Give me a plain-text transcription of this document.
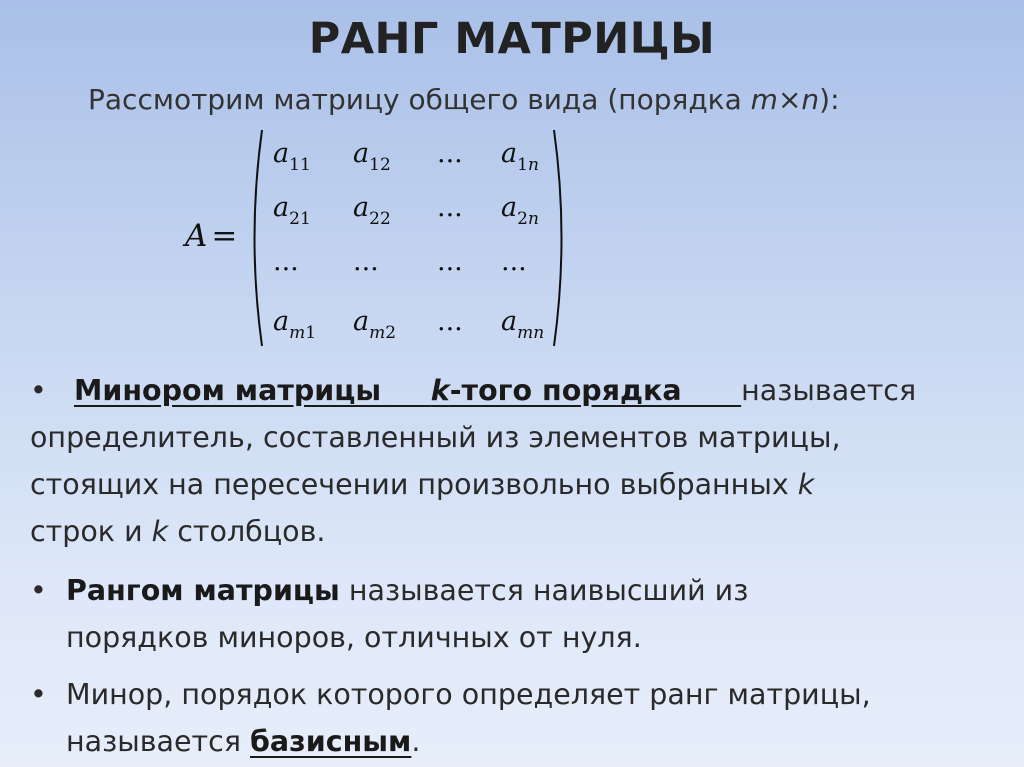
РАНГ МАТРИЦЫ
Рассмотрим матрицу общего вида (порядка m×n):
A =
$a_{11}$ $a_{12}$ ... $a_{1n}$
$a_{21}$ $a_{22}$ ... $a_{2n}$
... ... ... ...
$a_{m1}$ $a_{m2}$ ... $a_{mn}$
• Минором матрицы     k-того порядка      называется
определитель, составленный из элементов матрицы,
стоящих на пересечении произвольно выбранных k
строк и k столбцов.
• Рангом матрицы называется наивысший из
порядков миноров, отличных от нуля.
• Минор, порядок которого определяет ранг матрицы,
называется базисным.
